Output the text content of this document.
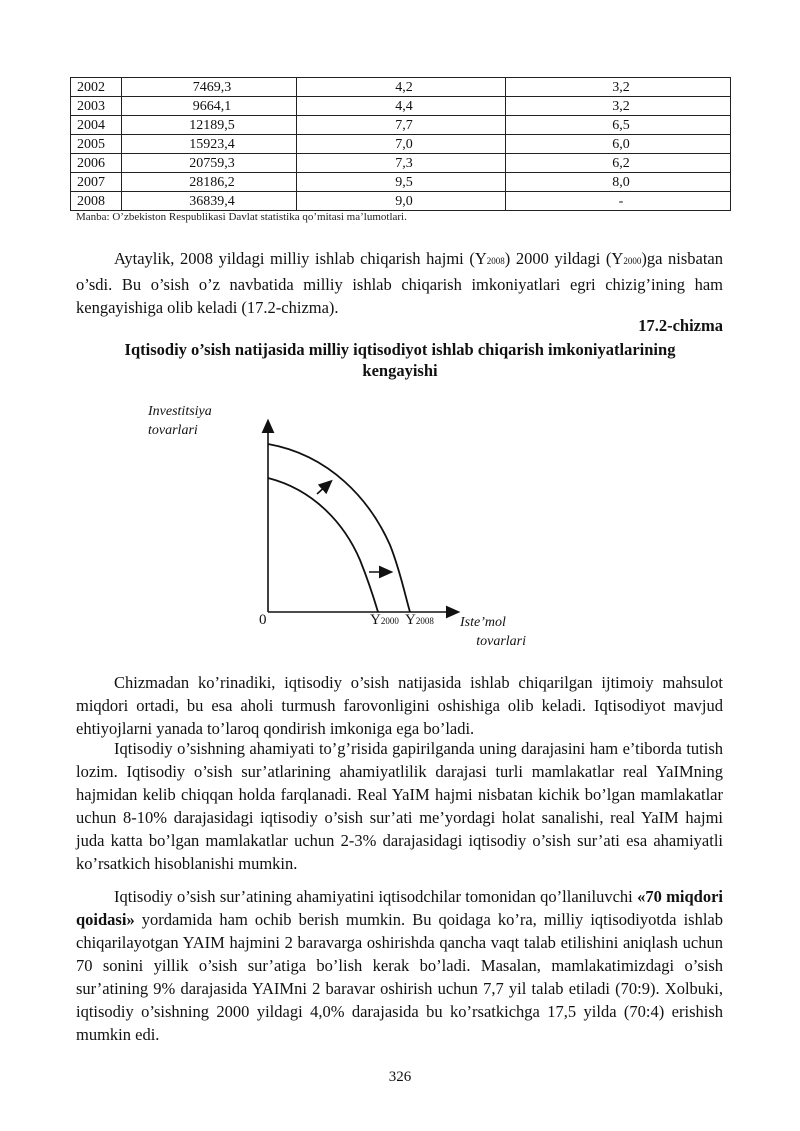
2002	7469,3	4,2	3,2
2003	9664,1	4,4	3,2
2004	12189,5	7,7	6,5
2005	15923,4	7,0	6,0
2006	20759,3	7,3	6,2
2007	28186,2	9,5	8,0
2008	36839,4	9,0	-
Manba: O’zbekiston Respublikasi Davlat statistika qo’mitasi ma’lumotlari.

Aytaylik, 2008 yildagi milliy ishlab chiqarish hajmi (Y2008) 2000 yildagi (Y2000)ga nisbatan o’sdi. Bu o’sish o’z navbatida milliy ishlab chiqarish imkoniyatlari egri chizig’ining ham kengayishiga olib keladi (17.2-chizma).

17.2-chizma
Iqtisodiy o’sish natijasida milliy iqtisodiyot ishlab chiqarish imkoniyatlarining kengayishi
Investitsiya
tovarlari
0	Y2000 Y2008 Iste’mol
tovarlari

Chizmadan ko’rinadiki, iqtisodiy o’sish natijasida ishlab chiqarilgan ijtimoiy mahsulot miqdori ortadi, bu esa aholi turmush farovonligini oshishiga olib keladi. Iqtisodiyot mavjud ehtiyojlarni yanada to’laroq qondirish imkoniga ega bo’ladi.

Iqtisodiy o’sishning ahamiyati to’g’risida gapirilganda uning darajasini ham e’tiborda tutish lozim. Iqtisodiy o’sish sur’atlarining ahamiyatlilik darajasi turli mamlakatlar real YaIMning hajmidan kelib chiqqan holda farqlanadi. Real YaIM hajmi nisbatan kichik bo’lgan mamlakatlar uchun 8-10% darajasidagi iqtisodiy o’sish sur’ati me’yordagi holat sanalishi, real YaIM hajmi juda katta bo’lgan mamlakatlar uchun 2-3% darajasidagi iqtisodiy o’sish sur’ati esa ahamiyatli ko’rsatkich hisoblanishi mumkin.

Iqtisodiy o’sish sur’atining ahamiyatini iqtisodchilar tomonidan qo’llaniluvchi «70 miqdori qoidasi» yordamida ham ochib berish mumkin. Bu qoidaga ko’ra, milliy iqtisodiyotda ishlab chiqarilayotgan YAIM hajmini 2 baravarga oshirishda qancha vaqt talab etilishini aniqlash uchun 70 sonini yillik o’sish sur’atiga bo’lish kerak bo’ladi. Masalan, mamlakatimizdagi o’sish sur’atining 9% darajasida YAIMni 2 baravar oshirish uchun 7,7 yil talab etiladi (70:9). Xolbuki, iqtisodiy o’sishning 2000 yildagi 4,0% darajasida bu ko’rsatkichga 17,5 yilda (70:4) erishish mumkin edi.

326
